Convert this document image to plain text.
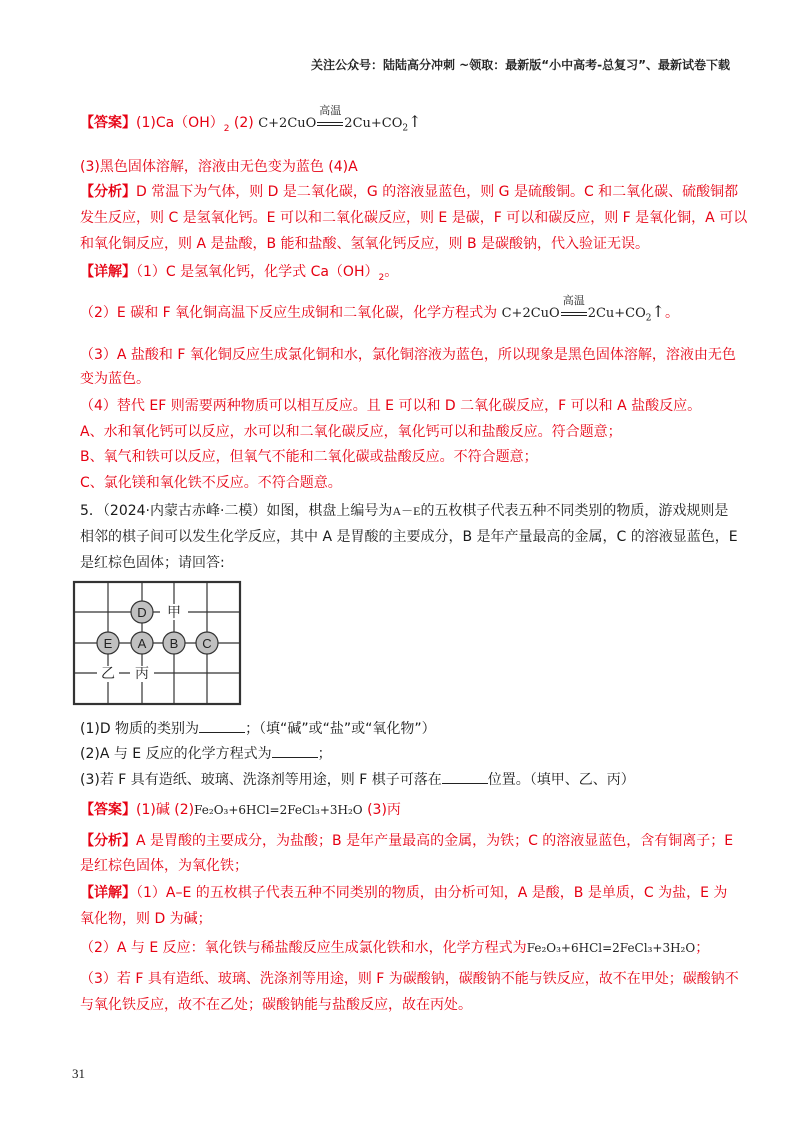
关注公众号：陆陆高分冲刺 ~领取：最新版“小中高考-总复习”、最新试卷下载
【答案】$(1)Ca(OH)_2$ (2) C+2CuO
高温
$2Cu+CO_2↑$
(3)黑色固体溶解，溶液由无色变为蓝色 (4)A
【分析】D 常温下为气体，则 D 是二氧化碳，G 的溶液显蓝色，则 G 是硫酸铜。C 和二氧化碳、硫酸铜都
发生反应，则 C 是氢氧化钙。E 可以和二氧化碳反应，则 E 是碳，F 可以和碳反应，则 F 是氧化铜，A 可以
和氧化铜反应，则 A 是盐酸，B 能和盐酸、氢氧化钙反应，则 B 是碳酸钠，代入验证无误。
【详解】（1）C 是氢氧化钙，化学式 $Ca(OH)_2$。
（2）E 碳和 F 氧化铜高温下反应生成铜和二氧化碳，化学方程式为 C+2CuO
高温
$2Cu+CO_2↑$。
（3）A 盐酸和 F 氧化铜反应生成氯化铜和水，氯化铜溶液为蓝色，所以现象是黑色固体溶解，溶液由无色
变为蓝色。
（4）替代 EF 则需要两种物质可以相互反应。且 E 可以和 D 二氧化碳反应，F 可以和 A 盐酸反应。
A、水和氧化钙可以反应，水可以和二氧化碳反应，氧化钙可以和盐酸反应。符合题意；
B、氧气和铁可以反应，但氧气不能和二氧化碳或盐酸反应。不符合题意；
C、氯化镁和氧化铁不反应。不符合题意。
5．（2024·内蒙古赤峰·二模）如图，棋盘上编号为A－E的五枚棋子代表五种不同类别的物质，游戏规则是
相邻的棋子间可以发生化学反应，其中 A 是胃酸的主要成分，B 是年产量最高的金属，C 的溶液显蓝色，E
是红棕色固体；请回答:
甲
乙 丙
D
E A B C
(1)D 物质的类别为	；（填“碱”或“盐”或“氧化物”）
(2)A 与 E 反应的化学方程式为	；
(3)若 F 具有造纸、玻璃、洗涤剂等用途，则 F 棋子可落在	位置。（填甲、乙、丙）
【答案】(1)碱 (2)Fe₂O₃+6HCl=2FeCl₃+3H₂O (3)丙
【分析】A 是胃酸的主要成分，为盐酸；B 是年产量最高的金属，为铁；C 的溶液显蓝色，含有铜离子；E
是红棕色固体，为氧化铁；
【详解】（1）A–E 的五枚棋子代表五种不同类别的物质，由分析可知，A 是酸，B 是单质，C 为盐，E 为
氧化物，则 D 为碱；
（2）A 与 E 反应：氧化铁与稀盐酸反应生成氯化铁和水，化学方程式为Fe₂O₃+6HCl=2FeCl₃+3H₂O；
（3）若 F 具有造纸、玻璃、洗涤剂等用途，则 F 为碳酸钠，碳酸钠不能与铁反应，故不在甲处；碳酸钠不
与氧化铁反应，故不在乙处；碳酸钠能与盐酸反应，故在丙处。
31
